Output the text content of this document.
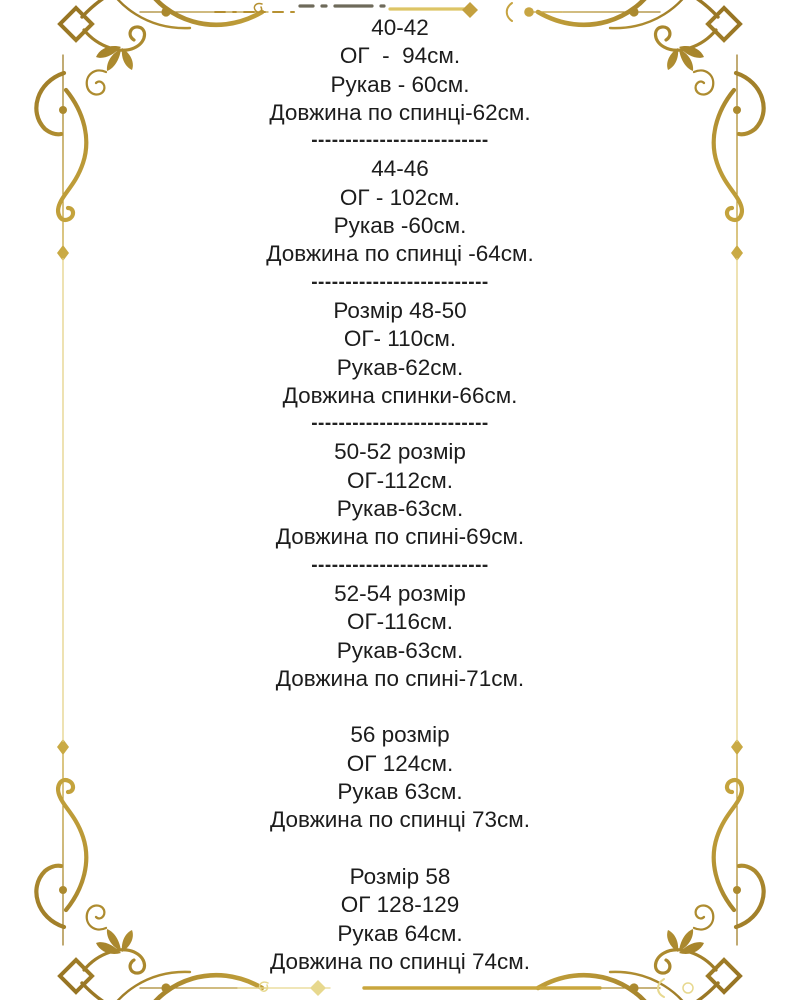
40-42
ОГ  -  94см.
Рукав - 60см.
Довжина по спинці-62см.
--------------------------
44-46
ОГ - 102см.
Рукав -60см.
Довжина по спинці -64см.
--------------------------
Розмір 48-50
ОГ- 110см.
Рукав-62см.
Довжина спинки-66см.
--------------------------
50-52 розмір
ОГ-112см.
Рукав-63см.
Довжина по спині-69см.
--------------------------
52-54 розмір
ОГ-116см.
Рукав-63см.
Довжина по спині-71см.
56 розмір
ОГ 124см.
Рукав 63см.
Довжина по спинці 73см.
Розмір 58
ОГ 128-129
Рукав 64см.
Довжина по спинці 74см.
